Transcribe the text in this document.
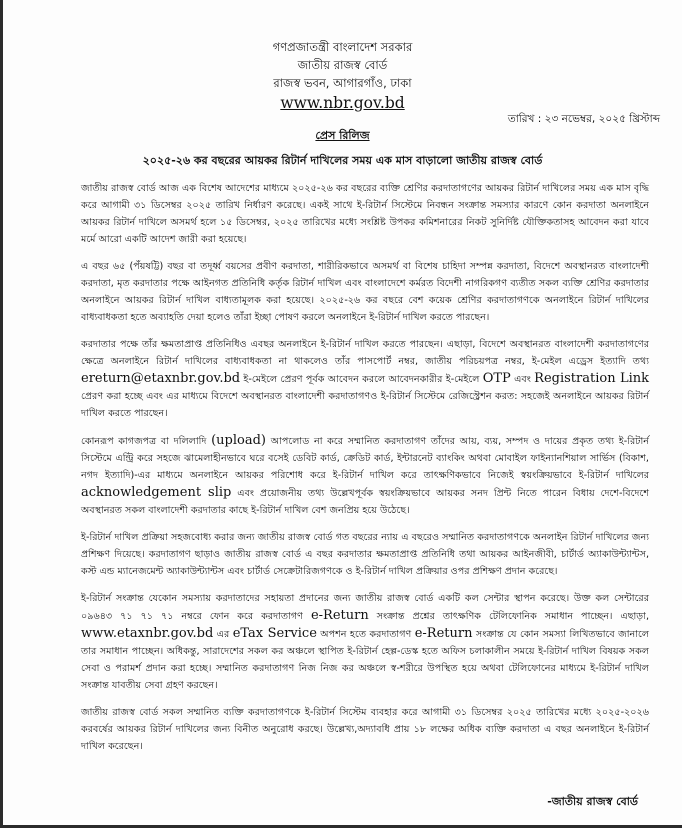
গণপ্রজাতন্ত্রী বাংলাদেশ সরকার
জাতীয় রাজস্ব বোর্ড
রাজস্ব ভবন, আগারগাঁও, ঢাকা
www.nbr.gov.bd
তারিখ : ২৩ নভেম্বর, ২০২৫ খ্রিস্টাব্দ
প্রেস রিলিজ
২০২৫-২৬ কর বছরের আয়কর রিটার্ন দাখিলের সময় এক মাস বাড়ালো জাতীয় রাজস্ব বোর্ড

জাতীয় রাজস্ব বোর্ড আজ এক বিশেষ আদেশের মাধ্যমে ২০২৫-২৬ কর বছরের ব্যক্তি শ্রেণির করদাতাগণের আয়কর রিটার্ন দাখিলের সময় এক মাস বৃদ্ধি করে আগামী ৩১ ডিসেম্বর ২০২৫ তারিখ নির্ধারণ করেছে। একই সাথে ই-রিটার্ন সিস্টেমে নিবন্ধন সংক্রান্ত সমস্যার কারণে কোন করদাতা অনলাইনে আয়কর রিটার্ন দাখিলে অসমর্থ হলে ১৫ ডিসেম্বর, ২০২৫ তারিখের মধ্যে সংশ্লিষ্ট উপকর কমিশনারের নিকট সুনির্দিষ্ট যৌক্তিকতাসহ আবেদন করা যাবে মর্মে আরো একটি আদেশ জারী করা হয়েছে।

এ বছর ৬৫ (পঁয়ষট্টি) বছর বা তদূর্ধ্ব বয়সের প্রবীণ করদাতা, শারীরিকভাবে অসমর্থ বা বিশেষ চাহিদা সম্পন্ন করদাতা, বিদেশে অবস্থানরত বাংলাদেশী করদাতা, মৃত করদাতার পক্ষে আইনগত প্রতিনিধি কর্তৃক রিটার্ন দাখিল এবং বাংলাদেশে কর্মরত বিদেশী নাগরিকগণ ব্যতীত সকল ব্যক্তি শ্রেণির করদাতার অনলাইনে আয়কর রিটার্ন দাখিল বাধ্যতামূলক করা হয়েছে। ২০২৫-২৬ কর বছরে বেশ কয়েক শ্রেণির করদাতাগণকে অনলাইনে রিটার্ন দাখিলের বাধ্যবাধকতা হতে অব্যাহতি দেয়া হলেও তাঁরা ইচ্ছা পোষণ করলে অনলাইনে ই-রিটার্ন দাখিল করতে পারছেন।

করদাতার পক্ষে তাঁর ক্ষমতাপ্রাপ্ত প্রতিনিধিও এবছর অনলাইনে ই-রিটার্ন দাখিল করতে পারছেন। এছাড়া, বিদেশে অবস্থানরত বাংলাদেশী করদাতাগণের ক্ষেত্রে অনলাইনে রিটার্ন দাখিলের বাধ্যবাধকতা না থাকলেও তাঁর পাসপোর্ট নম্বর, জাতীয় পরিচয়পত্র নম্বর, ই-মেইল এড্রেস ইত্যাদি তথ্য ereturn@etaxnbr.gov.bd ই-মেইলে প্রেরণ পূর্বক আবেদন করলে আবেদনকারীর ই-মেইলে OTP এবং Registration Link প্রেরণ করা হচ্ছে এবং এর মাধ্যমে বিদেশে অবস্থানরত বাংলাদেশী করদাতাগণও ই-রিটার্ন সিস্টেমে রেজিস্ট্রেশন করত: সহজেই অনলাইনে আয়কর রিটার্ন দাখিল করতে পারছেন।

কোনরূপ কাগজপত্র বা দলিলাদি (upload) আপলোড না করে সম্মানিত করদাতাগণ তাঁদের আয়, ব্যয়, সম্পদ ও দায়ের প্রকৃত তথ্য ই-রিটার্ন সিস্টেমে এন্ট্রি করে সহজে ঝামেলাহীনভাবে ঘরে বসেই ডেবিট কার্ড, ক্রেডিট কার্ড, ইন্টারনেট ব্যাংকিং অথবা মোবাইল ফাইন্যানশিয়াল সার্ভিস (বিকাশ, নগদ ইত্যাদি)-এর মাধ্যমে অনলাইনে আয়কর পরিশোধ করে ই-রিটার্ন দাখিল করে তাৎক্ষণিকভাবে নিজেই স্বয়ংক্রিয়ভাবে ই-রিটার্ন দাখিলের acknowledgement slip এবং প্রয়োজনীয় তথ্য উল্লেখপূর্বক স্বয়ংক্রিয়ভাবে আয়কর সনদ প্রিন্ট নিতে পারেন বিধায় দেশে-বিদেশে অবস্থানরত সকল বাংলাদেশী করদাতার কাছে ই-রিটার্ন দাখিল বেশ জনপ্রিয় হয়ে উঠেছে।

ই-রিটার্ন দাখিল প্রক্রিয়া সহজবোধ্য করার জন্য জাতীয় রাজস্ব বোর্ড গত বছরের ন্যায় এ বছরেও সম্মানিত করদাতাগণকে অনলাইন রিটার্ন দাখিলের জন্য প্রশিক্ষণ দিয়েছে। করদাতাগণ ছাড়াও জাতীয় রাজস্ব বোর্ড এ বছর করদাতার ক্ষমতাপ্রাপ্ত প্রতিনিধি তথা আয়কর আইনজীবী, চার্টার্ড অ্যাকাউন্ট্যান্টস, কস্ট এন্ড ম্যানেজমেন্ট অ্যাকাউন্ট্যান্টস এবং চার্টার্ড সেক্রেটারিজগণকে ও ই-রিটার্ন দাখিল প্রক্রিয়ার ওপর প্রশিক্ষণ প্রদান করেছে।

ই-রিটার্ন সংক্রান্ত যেকোন সমস্যায় করদাতাদের সহায়তা প্রদানের জন্য জাতীয় রাজস্ব বোর্ড একটি কল সেন্টার স্থাপন করেছে। উক্ত কল সেন্টারের ০৯৬৪৩ ৭১ ৭১ ৭১ নম্বরে ফোন করে করদাতাগণ e-Return সংক্রান্ত প্রশ্নের তাৎক্ষণিক টেলিফোনিক সমাধান পাচ্ছেন। এছাড়া, www.etaxnbr.gov.bd এর eTax Service অপশন হতে করদাতাগণ e-Return সংক্রান্ত যে কোন সমস্যা লিখিতভাবে জানালে তার সমাধান পাচ্ছেন। অধিকন্তু, সারাদেশের সকল কর অঞ্চলে স্থাপিত ই-রিটার্ন হেল্প-ডেস্ক হতে অফিস চলাকালীন সময়ে ই-রিটার্ন দাখিল বিষয়ক সকল সেবা ও পরামর্শ প্রদান করা হচ্ছে। সম্মানিত করদাতাগণ নিজ নিজ কর অঞ্চলে স্ব-শরীরে উপস্থিত হয়ে অথবা টেলিফোনের মাধ্যমে ই-রিটার্ন দাখিল সংক্রান্ত যাবতীয় সেবা গ্রহণ করছেন।

জাতীয় রাজস্ব বোর্ড সকল সম্মানিত ব্যক্তি করদাতাগণকে ই-রিটার্ন সিস্টেম ব্যবহার করে আগামী ৩১ ডিসেম্বর ২০২৫ তারিখের মধ্যে ২০২৫-২০২৬ করবর্ষের আয়কর রিটার্ন দাখিলের জন্য বিনীত অনুরোধ করছে। উল্লেখ্য,অদ্যাবধি প্রায় ১৮ লক্ষের অধিক ব্যক্তি করদাতা এ বছর অনলাইনে ই-রিটার্ন দাখিল করেছেন।

-জাতীয় রাজস্ব বোর্ড
